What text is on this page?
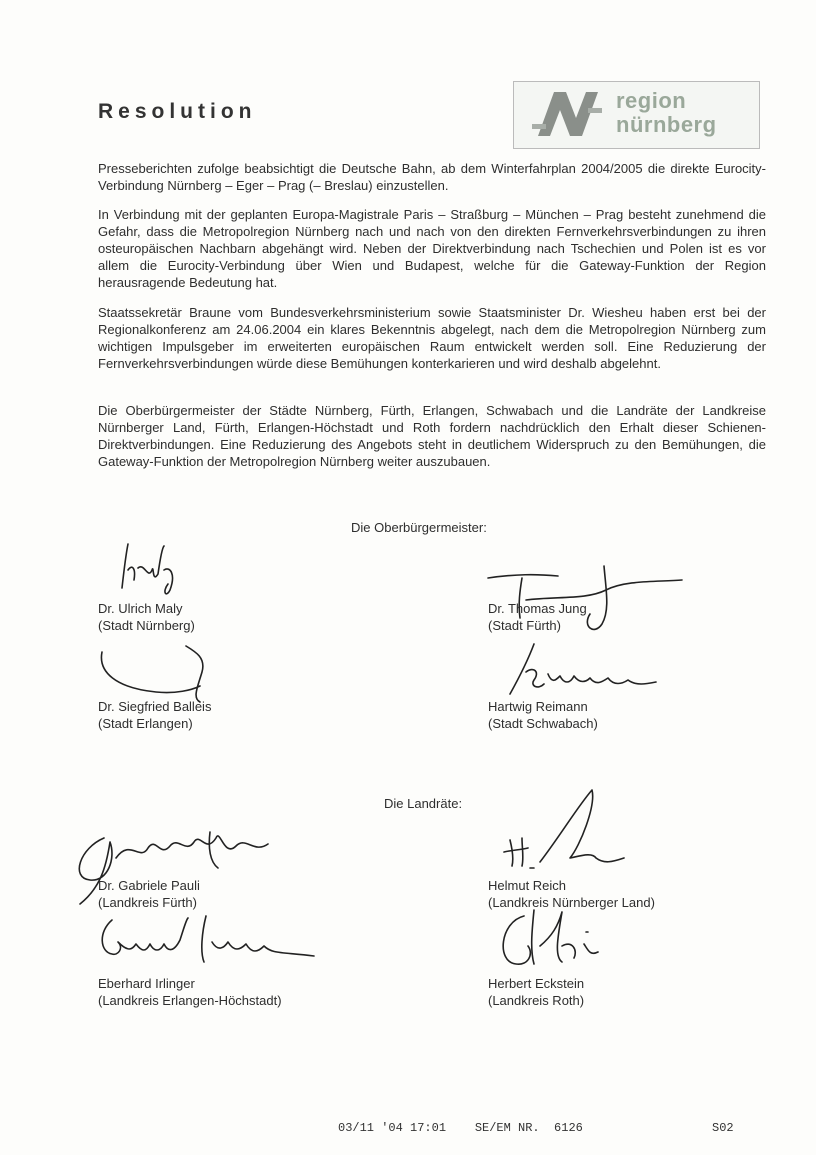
Resolution	region
nürnberg

Presseberichten zufolge beabsichtigt die Deutsche Bahn, ab dem Winterfahrplan 2004/2005 die direkte Eurocity-Verbindung Nürnberg – Eger – Prag (– Breslau) einzustellen.

In Verbindung mit der geplanten Europa-Magistrale Paris – Straßburg – München – Prag besteht zunehmend die Gefahr, dass die Metropolregion Nürnberg nach und nach von den direkten Fernverkehrsverbindungen zu ihren osteuropäischen Nachbarn abgehängt wird. Neben der Direktverbindung nach Tschechien und Polen ist es vor allem die Eurocity-Verbindung über Wien und Budapest, welche für die Gateway-Funktion der Region herausragende Bedeutung hat.

Staatssekretär Braune vom Bundesverkehrsministerium sowie Staatsminister Dr. Wiesheu haben erst bei der Regionalkonferenz am 24.06.2004 ein klares Bekenntnis abgelegt, nach dem die Metropolregion Nürnberg zum wichtigen Impulsgeber im erweiterten europäischen Raum entwickelt werden soll. Eine Reduzierung der Fernverkehrsverbindungen würde diese Bemühungen konterkarieren und wird deshalb abgelehnt.

Die Oberbürgermeister der Städte Nürnberg, Fürth, Erlangen, Schwabach und die Landräte der Landkreise Nürnberger Land, Fürth, Erlangen-Höchstadt und Roth fordern nachdrücklich den Erhalt dieser Schienen-Direktverbindungen. Eine Reduzierung des Angebots steht in deutlichem Widerspruch zu den Bemühungen, die Gateway-Funktion der Metropolregion Nürnberg weiter auszubauen.

Die Oberbürgermeister:
Dr. Ulrich Maly
(Stadt Nürnberg)
Dr. Thomas Jung
(Stadt Fürth)
Dr. Siegfried Balleis
(Stadt Erlangen)
Hartwig Reimann
(Stadt Schwabach)
Die Landräte:
Dr. Gabriele Pauli
(Landkreis Fürth)
Helmut Reich
(Landkreis Nürnberger Land)
Eberhard Irlinger
(Landkreis Erlangen-Höchstadt)
Herbert Eckstein
(Landkreis Roth)
03/11 '04 17:01    SE/EM NR.  6126	S02
